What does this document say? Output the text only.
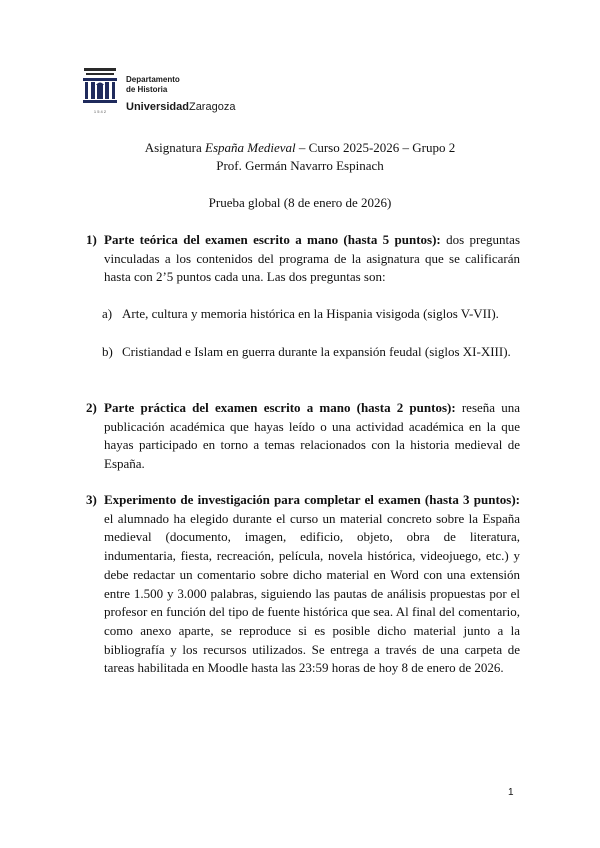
1 5 4 2
Departamento
de Historia
UniversidadZaragoza
Asignatura España Medieval – Curso 2025-2026 – Grupo 2
Prof. Germán Navarro Espinach
Prueba global (8 de enero de 2026)
1) Parte teórica del examen escrito a mano (hasta 5 puntos): dos preguntas vinculadas a los contenidos del programa de la asignatura que se calificarán hasta con 2’5 puntos cada una. Las dos preguntas son:
a) Arte, cultura y memoria histórica en la Hispania visigoda (siglos V-VII).
b) Cristiandad e Islam en guerra durante la expansión feudal (siglos XI-XIII).
2) Parte práctica del examen escrito a mano (hasta 2 puntos): reseña una publicación académica que hayas leído o una actividad académica en la que hayas participado en torno a temas relacionados con la historia medieval de España.
3) Experimento de investigación para completar el examen (hasta 3 puntos): el alumnado ha elegido durante el curso un material concreto sobre la España medieval (documento, imagen, edificio, objeto, obra de literatura, indumentaria, fiesta, recreación, película, novela histórica, videojuego, etc.) y debe redactar un comentario sobre dicho material en Word con una extensión entre 1.500 y 3.000 palabras, siguiendo las pautas de análisis propuestas por el profesor en función del tipo de fuente histórica que sea. Al final del comentario, como anexo aparte, se reproduce si es posible dicho material junto a la bibliografía y los recursos utilizados. Se entrega a través de una carpeta de tareas habilitada en Moodle hasta las 23:59 horas de hoy 8 de enero de 2026.
1
